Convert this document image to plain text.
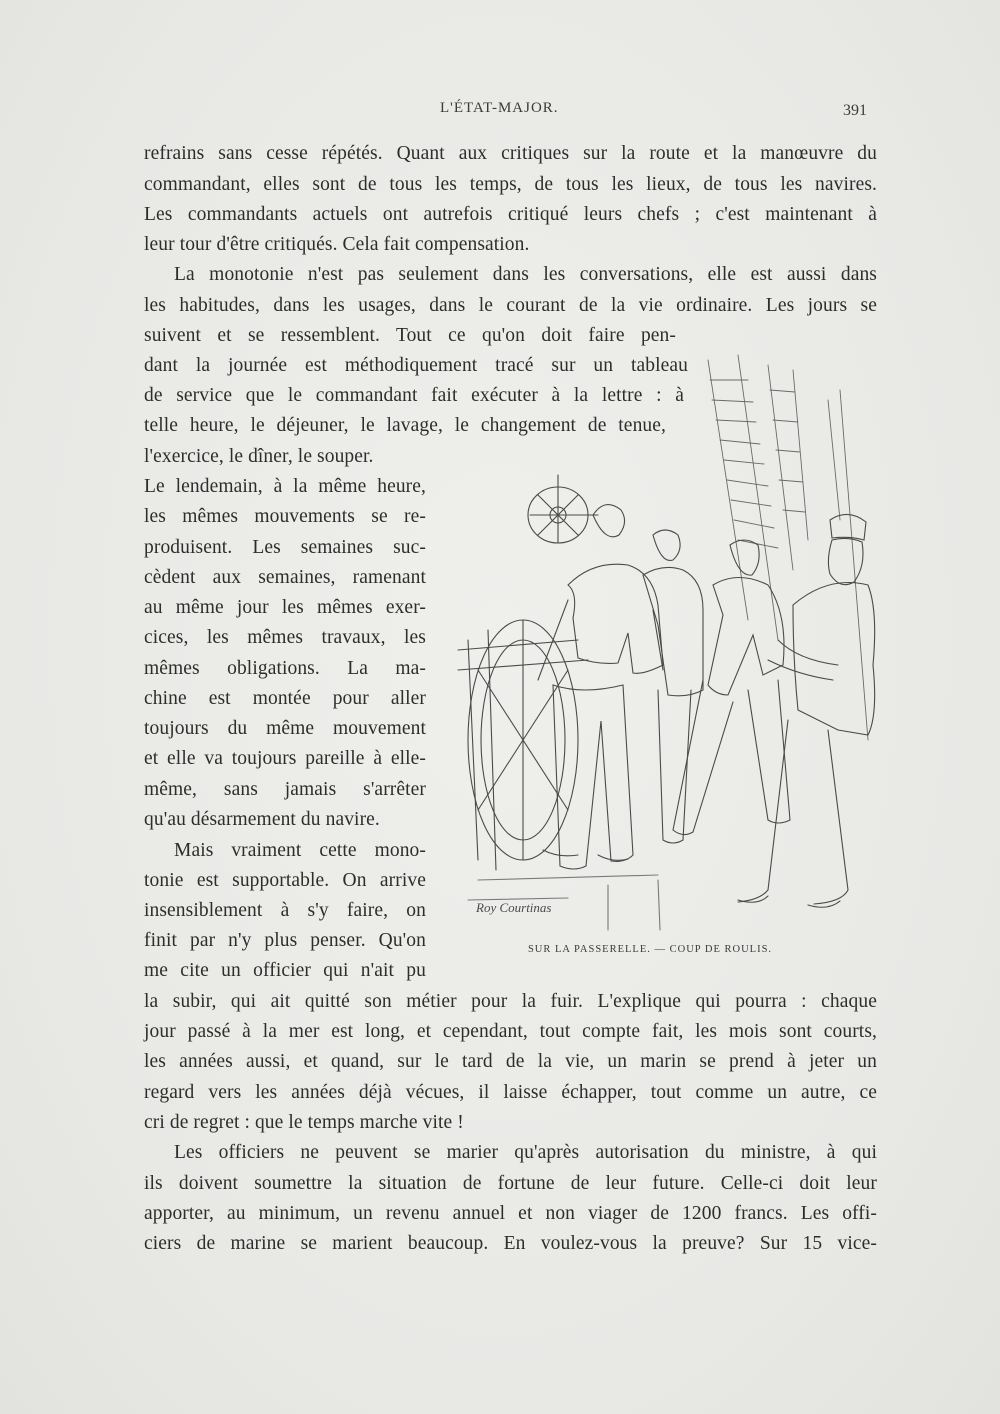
L'ÉTAT-MAJOR.	391
refrains sans cesse répétés. Quant aux critiques sur la route et la manœuvre du
commandant, elles sont de tous les temps, de tous les lieux, de tous les navires.
Les commandants actuels ont autrefois critiqué leurs chefs ; c'est maintenant à
leur tour d'être critiqués. Cela fait compensation.
La monotonie n'est pas seulement dans les conversations, elle est aussi dans
les habitudes, dans les usages, dans le courant de la vie ordinaire. Les jours se
suivent et se ressemblent. Tout ce qu'on doit faire pen-
dant la journée est méthodiquement tracé sur un tableau
de service que le commandant fait exécuter à la lettre : à
telle heure, le déjeuner, le lavage, le changement de tenue,
l'exercice, le dîner, le souper.
Le lendemain, à la même heure,
les mêmes mouvements se re-
produisent. Les semaines suc-
cèdent aux semaines, ramenant
au même jour les mêmes exer-
cices, les mêmes travaux, les
mêmes obligations. La ma-
chine est montée pour aller
toujours du même mouvement
et elle va toujours pareille à elle-
même, sans jamais s'arrêter
qu'au désarmement du navire.
Mais vraiment cette mono-
tonie est supportable. On arrive
insensiblement à s'y faire, on
finit par n'y plus penser. Qu'on
me cite un officier qui n'ait pu
la subir, qui ait quitté son métier pour la fuir. L'explique qui pourra : chaque
jour passé à la mer est long, et cependant, tout compte fait, les mois sont courts,
les années aussi, et quand, sur le tard de la vie, un marin se prend à jeter un
regard vers les années déjà vécues, il laisse échapper, tout comme un autre, ce
cri de regret : que le temps marche vite !
Les officiers ne peuvent se marier qu'après autorisation du ministre, à qui
ils doivent soumettre la situation de fortune de leur future. Celle-ci doit leur
apporter, au minimum, un revenu annuel et non viager de 1200 francs. Les offi-
ciers de marine se marient beaucoup. En voulez-vous la preuve? Sur 15 vice-
Roy Courtinas
SUR LA PASSERELLE. — COUP DE ROULIS.
